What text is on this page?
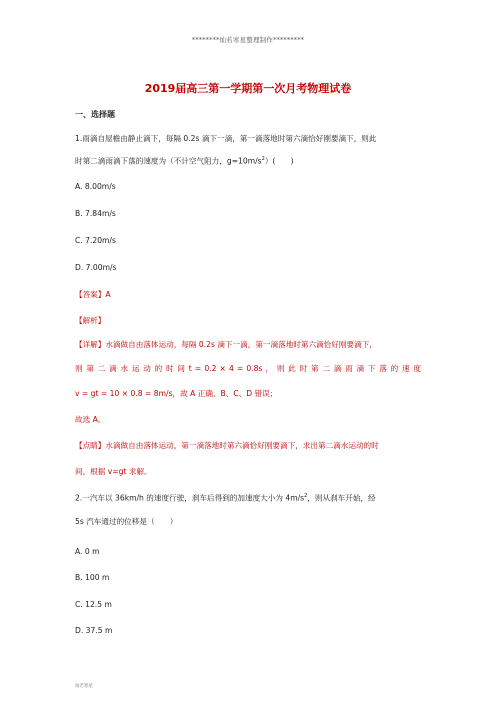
********灿若寒星整理制作*********
2019届高三第一学期第一次月考物理试卷
一、选择题
1.雨滴自屋檐由静止滴下，每隔 0.2s 滴下一滴，第一滴落地时第六滴恰好刚要滴下，则此
时第二滴雨滴下落的速度为（不计空气阻力，$g=10m/s^2$）(　　)
A. 8.00m/s
B. 7.84m/s
C. 7.20m/s
D. 7.00m/s
【答案】A
【解析】
【详解】水滴做自由落体运动，每隔 0.2s 滴下一滴，第一滴落地时第六滴恰好刚要滴下，
则 第 二 滴 水 运 动 的 时 间 t = 0.2 × 4 = 0.8s ， 则 此 时 第 二 滴 雨 滴 下 落 的 速 度
v = gt = 10 × 0.8 = 8m/s，故 A 正确，B、C、D 错误；
故选 A。
【点睛】水滴做自由落体运动，第一滴落地时第六滴恰好刚要滴下，求出第二滴水运动的时
间，根据 v=gt 求解。
2.一汽车以 36km/h 的速度行驶，刹车后得到的加速度大小为 $4m/s^2$，则从刹车开始，经
5s 汽车通过的位移是（　　）
A. 0 m
B. 100 m
C. 12.5 m
D. 37.5 m
灿若寒星
